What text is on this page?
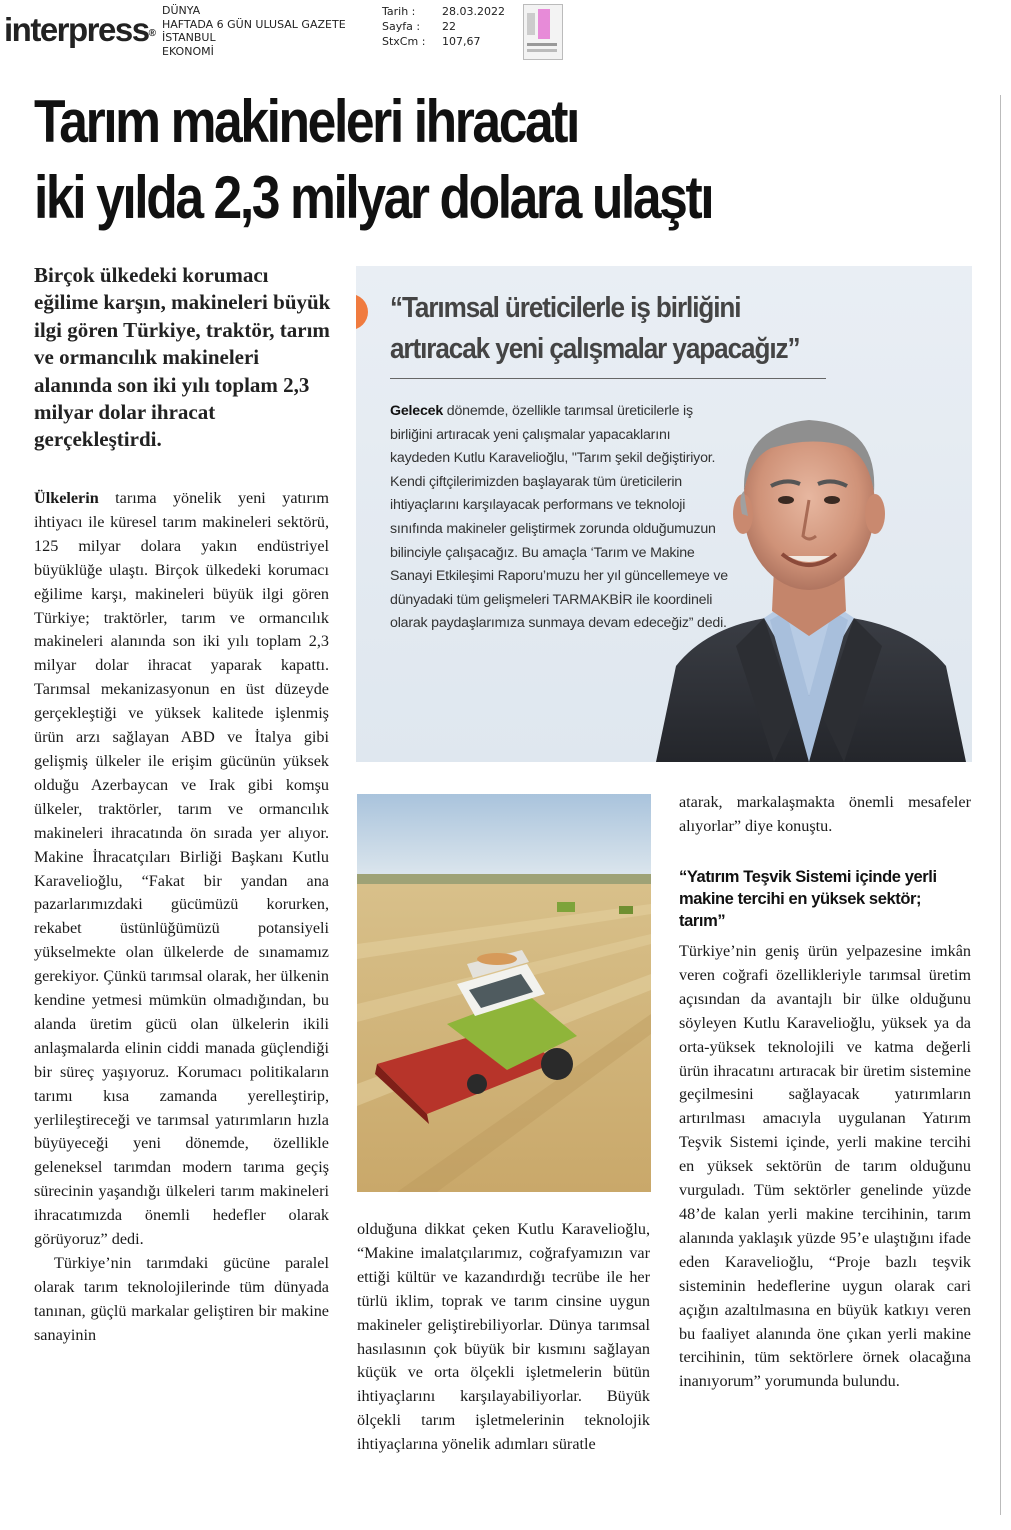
interpress®
DÜNYA
HAFTADA 6 GÜN ULUSAL GAZETE
İSTANBUL
EKONOMİ
Tarih :	28.03.2022
Sayfa :	22
StxCm :	107,67
Tarım makineleri ihracatı
iki yılda 2,3 milyar dolara ulaştı

Birçok ülkedeki korumacı eğilime karşın, makineleri büyük ilgi gören Türkiye, traktör, tarım ve ormancılık makineleri alanında son iki yılı toplam 2,3 milyar dolar ihracat gerçekleştirdi.

Ülkelerin tarıma yönelik yeni yatırım ihtiyacı ile küresel tarım makineleri sektörü, 125 milyar dolara yakın endüstriyel büyüklüğe ulaştı. Birçok ülkedeki korumacı eğilime karşı, makineleri büyük ilgi gören Türkiye; traktörler, tarım ve ormancılık makineleri alanında son iki yılı toplam 2,3 milyar dolar ihracat yaparak kapattı. Tarımsal mekanizasyonun en üst düzeyde gerçekleştiği ve yüksek kalitede işlenmiş ürün arzı sağlayan ABD ve İtalya gibi gelişmiş ülkeler ile erişim gücünün yüksek olduğu Azerbaycan ve Irak gibi komşu ülkeler, traktörler, tarım ve ormancılık makineleri ihracatında ön sırada yer alıyor. Makine İhracatçıları Birliği Başkanı Kutlu Karavelioğlu, “Fakat bir yandan ana pazarlarımızdaki gücümüzü korurken, rekabet üstünlüğümüzü potansiyeli yükselmekte olan ülkelerde de sınamamız gerekiyor. Çünkü tarımsal olarak, her ülkenin kendine yetmesi mümkün olmadığından, bu alanda üretim gücü olan ülkelerin ikili anlaşmalarda elinin ciddi manada güçlendiği bir süreç yaşıyoruz. Korumacı politikaların tarımı kısa zamanda yerelleştirip, yerlileştireceği ve tarımsal yatırımların hızla büyüyeceği yeni dönemde, özellikle geleneksel tarımdan modern tarıma geçiş sürecinin yaşandığı ülkeleri tarım makineleri ihracatımızda önemli hedefler olarak görüyoruz” dedi.

Türkiye’nin tarımdaki gücüne paralel olarak tarım teknolojilerinde tüm dünyada tanınan, güçlü markalar geliştiren bir makine sanayinin

“Tarımsal üreticilerle iş birliğini
artıracak yeni çalışmalar yapacağız”

Gelecek dönemde, özellikle tarımsal üreticilerle iş birliğini artıracak yeni çalışmalar yapacaklarını kaydeden Kutlu Karavelioğlu, "Tarım şekil değiştiriyor. Kendi çiftçilerimizden başlayarak tüm üreticilerin ihtiyaçlarını karşılayacak performans ve teknoloji sınıfında makineler geliştirmek zorunda olduğumuzun bilinciyle çalışacağız. Bu amaçla ‘Tarım ve Makine Sanayi Etkileşimi Raporu’muzu her yıl güncellemeye ve dünyadaki tüm gelişmeleri TARMAKBİR ile koordineli olarak paydaşlarımıza sunmaya devam edeceğiz” dedi.

olduğuna dikkat çeken Kutlu Karavelioğlu, “Makine imalatçılarımız, coğrafyamızın var ettiği kültür ve kazandırdığı tecrübe ile her türlü iklim, toprak ve tarım cinsine uygun makineler geliştirebiliyorlar. Dünya tarımsal hasılasının çok büyük bir kısmını sağlayan küçük ve orta ölçekli işletmelerin bütün ihtiyaçlarını karşılayabiliyorlar. Büyük ölçekli tarım işletmelerinin teknolojik ihtiyaçlarına yönelik adımları süratle

atarak, markalaşmakta önemli mesafeler alıyorlar” diye konuştu.

“Yatırım Teşvik Sistemi içinde yerli makine tercihi en yüksek sektör; tarım”

Türkiye’nin geniş ürün yelpazesine imkân veren coğrafi özellikleriyle tarımsal üretim açısından da avantajlı bir ülke olduğunu söyleyen Kutlu Karavelioğlu, yüksek ya da orta-yüksek teknolojili ve katma değerli ürün ihracatını artıracak bir üretim sistemine geçilmesini sağlayacak yatırımların artırılması amacıyla uygulanan Yatırım Teşvik Sistemi içinde, yerli makine tercihi en yüksek sektörün de tarım olduğunu vurguladı. Tüm sektörler genelinde yüzde 48’de kalan yerli makine tercihinin, tarım alanında yaklaşık yüzde 95’e ulaştığını ifade eden Karavelioğlu, “Proje bazlı teşvik sisteminin hedeflerine uygun olarak cari açığın azaltılmasına en büyük katkıyı veren bu faaliyet alanında öne çıkan yerli makine tercihinin, tüm sektörlere örnek olacağına inanıyorum” yorumunda bulundu.
